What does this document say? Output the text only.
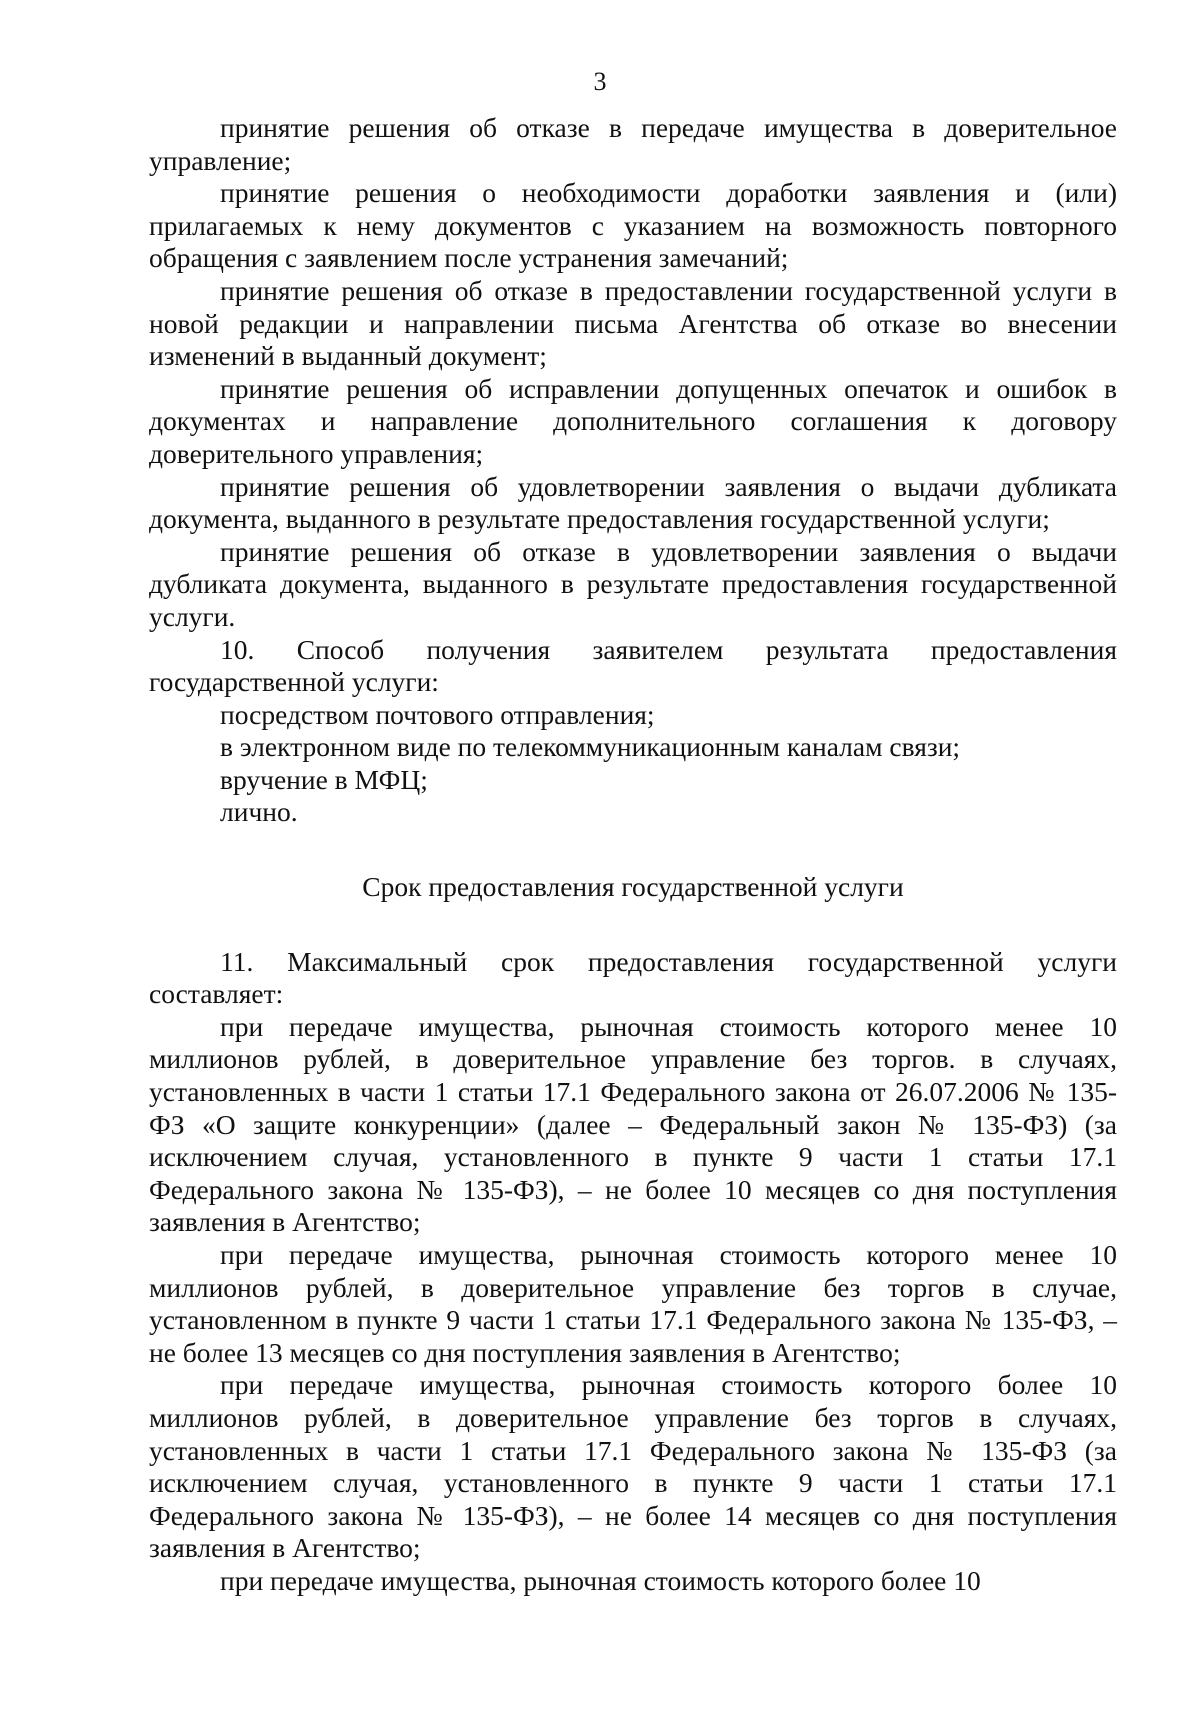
3

принятие решения об отказе в передаче имущества в доверительное управление;

принятие решения о необходимости доработки заявления и (или) прилагаемых к нему документов с указанием на возможность повторного обращения с заявлением после устранения замечаний;

принятие решения об отказе в предоставлении государственной услуги в новой редакции и направлении письма Агентства об отказе во внесении изменений в выданный документ;

принятие решения об исправлении допущенных опечаток и ошибок в документах и направление дополнительного соглашения к договору доверительного управления;

принятие решения об удовлетворении заявления о выдачи дубликата документа, выданного в результате предоставления государственной услуги;

принятие решения об отказе в удовлетворении заявления о выдачи дубликата документа, выданного в результате предоставления государственной услуги.

10. Способ получения заявителем результата предоставления государственной услуги:

посредством почтового отправления;

в электронном виде по телекоммуникационным каналам связи;

вручение в МФЦ;

лично.

Срок предоставления государственной услуги

11. Максимальный срок предоставления государственной услуги составляет:

при передаче имущества, рыночная стоимость которого менее 10 миллионов рублей, в доверительное управление без торгов. в случаях, установленных в части 1 статьи 17.1 Федерального закона от 26.07.2006 № 135-ФЗ «О защите конкуренции» (далее – Федеральный закон № 135-ФЗ) (за исключением случая, установленного в пункте 9 части 1 статьи 17.1 Федерального закона № 135-ФЗ), – не более 10 месяцев со дня поступления заявления в Агентство;

при передаче имущества, рыночная стоимость которого менее 10 миллионов рублей, в доверительное управление без торгов в случае, установленном в пункте 9 части 1 статьи 17.1 Федерального закона № 135-ФЗ, – не более 13 месяцев со дня поступления заявления в Агентство;

при передаче имущества, рыночная стоимость которого более 10 миллионов рублей, в доверительное управление без торгов в случаях, установленных в части 1 статьи 17.1 Федерального закона № 135-ФЗ (за исключением случая, установленного в пункте 9 части 1 статьи 17.1 Федерального закона № 135-ФЗ), – не более 14 месяцев со дня поступления заявления в Агентство;

при передаче имущества, рыночная стоимость которого более 10
